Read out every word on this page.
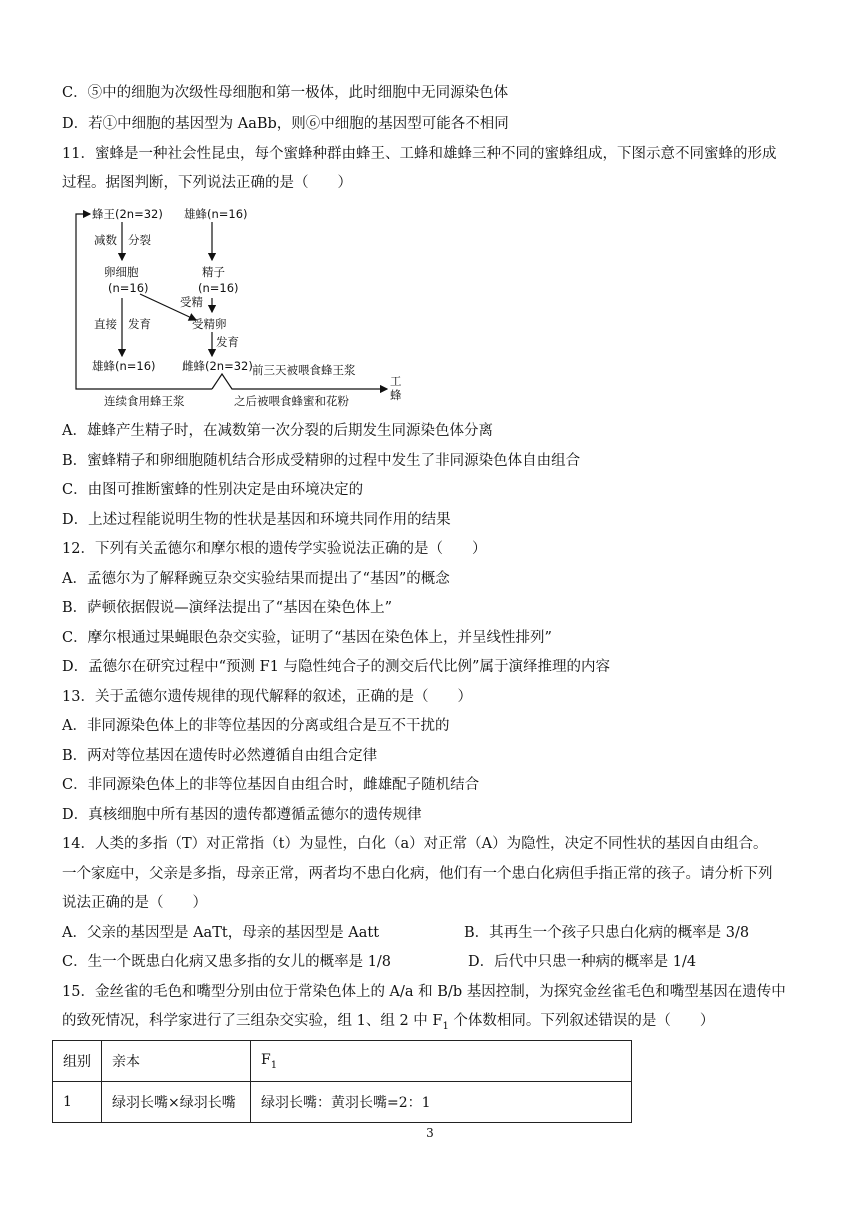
C．⑤中的细胞为次级性母细胞和第一极体，此时细胞中无同源染色体
D．若①中细胞的基因型为 AaBb，则⑥中细胞的基因型可能各不相同
11．蜜蜂是一种社会性昆虫，每个蜜蜂种群由蜂王、工蜂和雄蜂三种不同的蜜蜂组成，下图示意不同蜜蜂的形成
过程。据图判断，下列说法正确的是（　　）
蜂王(2n=32) 雄蜂(n=16)
减数 分裂
卵细胞
(n=16)
精子
(n=16)
受精
受精卵
直接 发育
发育
雄蜂(n=16) 雌蜂(2n=32) 前三天被喂食蜂王浆
工
蜂
连续食用蜂王浆	之后被喂食蜂蜜和花粉
A．雄蜂产生精子时，在减数第一次分裂的后期发生同源染色体分离
B．蜜蜂精子和卵细胞随机结合形成受精卵的过程中发生了非同源染色体自由组合
C．由图可推断蜜蜂的性别决定是由环境决定的
D．上述过程能说明生物的性状是基因和环境共同作用的结果
12．下列有关孟德尔和摩尔根的遗传学实验说法正确的是（　　）
A．孟德尔为了解释豌豆杂交实验结果而提出了“基因”的概念
B．萨顿依据假说—演绎法提出了“基因在染色体上”
C．摩尔根通过果蝇眼色杂交实验，证明了“基因在染色体上，并呈线性排列”
D．孟德尔在研究过程中“预测 F1 与隐性纯合子的测交后代比例”属于演绎推理的内容
13．关于孟德尔遗传规律的现代解释的叙述，正确的是（　　）
A．非同源染色体上的非等位基因的分离或组合是互不干扰的
B．两对等位基因在遗传时必然遵循自由组合定律
C．非同源染色体上的非等位基因自由组合时，雌雄配子随机结合
D．真核细胞中所有基因的遗传都遵循孟德尔的遗传规律
14．人类的多指（T）对正常指（t）为显性，白化（a）对正常（A）为隐性，决定不同性状的基因自由组合。
一个家庭中，父亲是多指，母亲正常，两者均不患白化病，他们有一个患白化病但手指正常的孩子。请分析下列
说法正确的是（　　）
A．父亲的基因型是 AaTt，母亲的基因型是 Aatt	B．其再生一个孩子只患白化病的概率是 3/8
C．生一个既患白化病又患多指的女儿的概率是 1/8	D．后代中只患一种病的概率是 1/4
15．金丝雀的毛色和嘴型分别由位于常染色体上的 A/a 和 B/b 基因控制，为探究金丝雀毛色和嘴型基因在遗传中
的致死情况，科学家进行了三组杂交实验，组 1、组 2 中 $F_1$ 个体数相同。下列叙述错误的是（　　）
组别	亲本	$F_1$
1	绿羽长嘴×绿羽长嘴	绿羽长嘴：黄羽长嘴=2：1
3
